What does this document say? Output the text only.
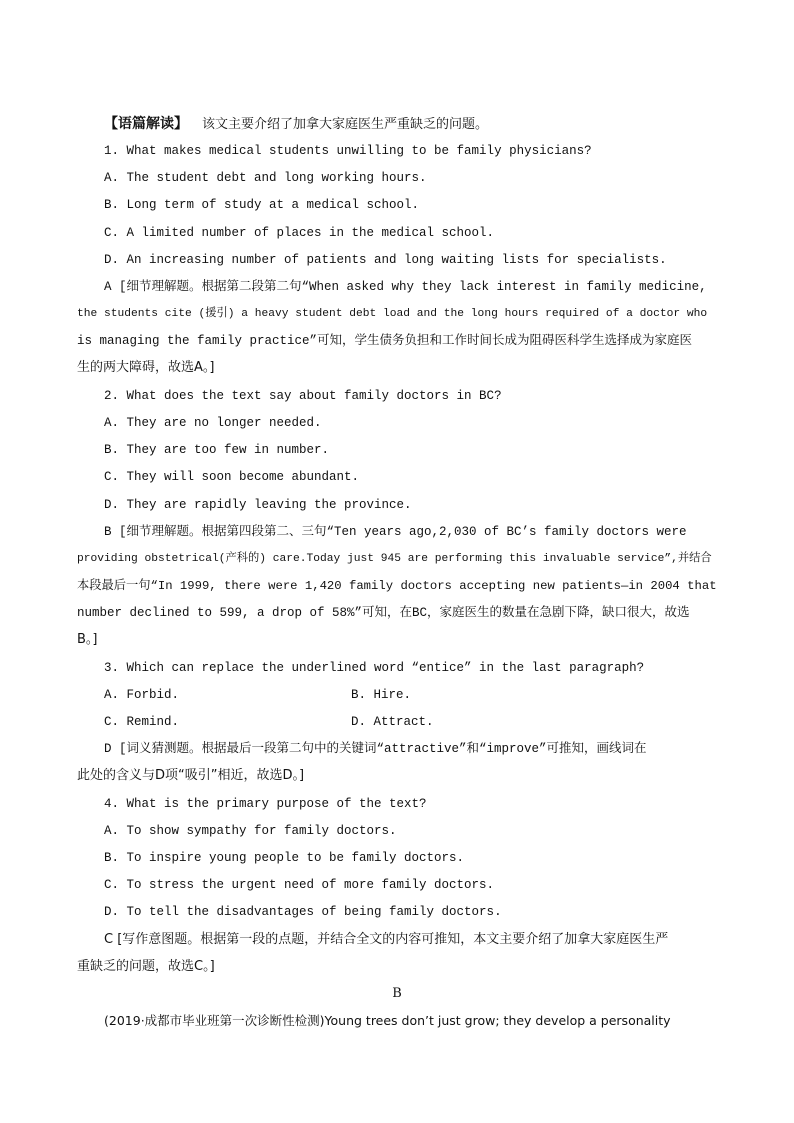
【语篇解读】 该文主要介绍了加拿大家庭医生严重缺乏的问题。
1. What makes medical students unwilling to be family physicians?
A. The student debt and long working hours.
B. Long term of study at a medical school.
C. A limited number of places in the medical school.
D. An increasing number of patients and long waiting lists for specialists.
A [细节理解题。根据第二段第二句“When asked why they lack interest in family medicine,
the students cite (援引) a heavy student debt load and the long hours required of a doctor who
is managing the family practice”可知，学生债务负担和工作时间长成为阻碍医科学生选择成为家庭医
生的两大障碍，故选A。]
2. What does the text say about family doctors in BC?
A. They are no longer needed.
B. They are too few in number.
C. They will soon become abundant.
D. They are rapidly leaving the province.
B [细节理解题。根据第四段第二、三句“Ten years ago,2,030 of BC’s family doctors were
providing obstetrical(产科的) care.Today just 945 are performing this invaluable service”,并结合
本段最后一句“In 1999, there were 1,420 family doctors accepting new patients—in 2004 that
number declined to 599, a drop of 58%”可知，在BC，家庭医生的数量在急剧下降，缺口很大，故选
B。]
3. Which can replace the underlined word “entice” in the last paragraph?
A. Forbid.	B. Hire.
C. Remind.	D. Attract.
D [词义猜测题。根据最后一段第二句中的关键词“attractive”和“improve”可推知，画线词在
此处的含义与D项“吸引”相近，故选D。]
4. What is the primary purpose of the text?
A. To show sympathy for family doctors.
B. To inspire young people to be family doctors.
C. To stress the urgent need of more family doctors.
D. To tell the disadvantages of being family doctors.
C [写作意图题。根据第一段的点题，并结合全文的内容可推知，本文主要介绍了加拿大家庭医生严
重缺乏的问题，故选C。]
B
(2019·成都市毕业班第一次诊断性检测)Young trees don’t just grow; they develop a personality
